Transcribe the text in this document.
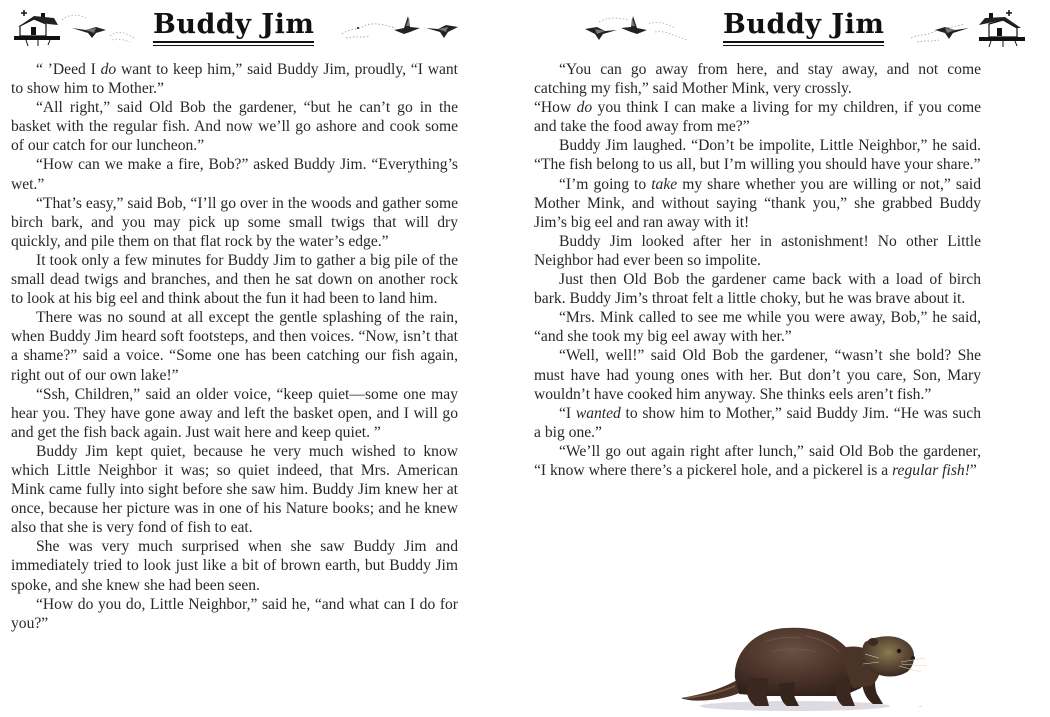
Buddy Jim

“ ’Deed I do want to keep him,” said Buddy Jim, proudly, “I want to show him to Mother.”

“All right,” said Old Bob the gardener, “but he can’t go in the basket with the regular fish. And now we’ll go ashore and cook some of our catch for our luncheon.”

“How can we make a fire, Bob?” asked Buddy Jim. “Everything’s wet.”

“That’s easy,” said Bob, “I’ll go over in the woods and gather some birch bark, and you may pick up some small twigs that will dry quickly, and pile them on that flat rock by the water’s edge.”

It took only a few minutes for Buddy Jim to gather a big pile of the small dead twigs and branches, and then he sat down on another rock to look at his big eel and think about the fun it had been to land him.

There was no sound at all except the gentle splashing of the rain, when Buddy Jim heard soft footsteps, and then voices. “Now, isn’t that a shame?” said a voice. “Some one has been catching our fish again, right out of our own lake!”

“Ssh, Children,” said an older voice, “keep quiet—some one may hear you. They have gone away and left the basket open, and I will go and get the fish back again. Just wait here and keep quiet. ”

Buddy Jim kept quiet, because he very much wished to know which Little Neighbor it was; so quiet indeed, that Mrs. American Mink came fully into sight before she saw him. Buddy Jim knew her at once, because her picture was in one of his Nature books; and he knew also that she is very fond of fish to eat.

She was very much surprised when she saw Buddy Jim and immediately tried to look just like a bit of brown earth, but Buddy Jim spoke, and she knew she had been seen.

“How do you do, Little Neighbor,” said he, “and what can I do for you?”

Buddy Jim

“You can go away from here, and stay away, and not come catching my fish,” said Mother Mink, very crossly.

“How do you think I can make a living for my children, if you come and take the food away from me?”

Buddy Jim laughed. “Don’t be impolite, Little Neighbor,” he said. “The fish belong to us all, but I’m willing you should have your share.”

“I’m going to take my share whether you are willing or not,” said Mother Mink, and without saying “thank you,” she grabbed Buddy Jim’s big eel and ran away with it!

Buddy Jim looked after her in astonishment! No other Little Neighbor had ever been so impolite.

Just then Old Bob the gardener came back with a load of birch bark. Buddy Jim’s throat felt a little choky, but he was brave about it.

“Mrs. Mink called to see me while you were away, Bob,” he said, “and she took my big eel away with her.”

“Well, well!” said Old Bob the gardener, “wasn’t she bold? She must have had young ones with her. But don’t you care, Son, Mary wouldn’t have cooked him anyway. She thinks eels aren’t fish.”

“I wanted to show him to Mother,” said Buddy Jim. “He was such a big one.”

“We’ll go out again right after lunch,” said Old Bob the gardener, “I know where there’s a pickerel hole, and a pickerel is a regular fish!”

~
